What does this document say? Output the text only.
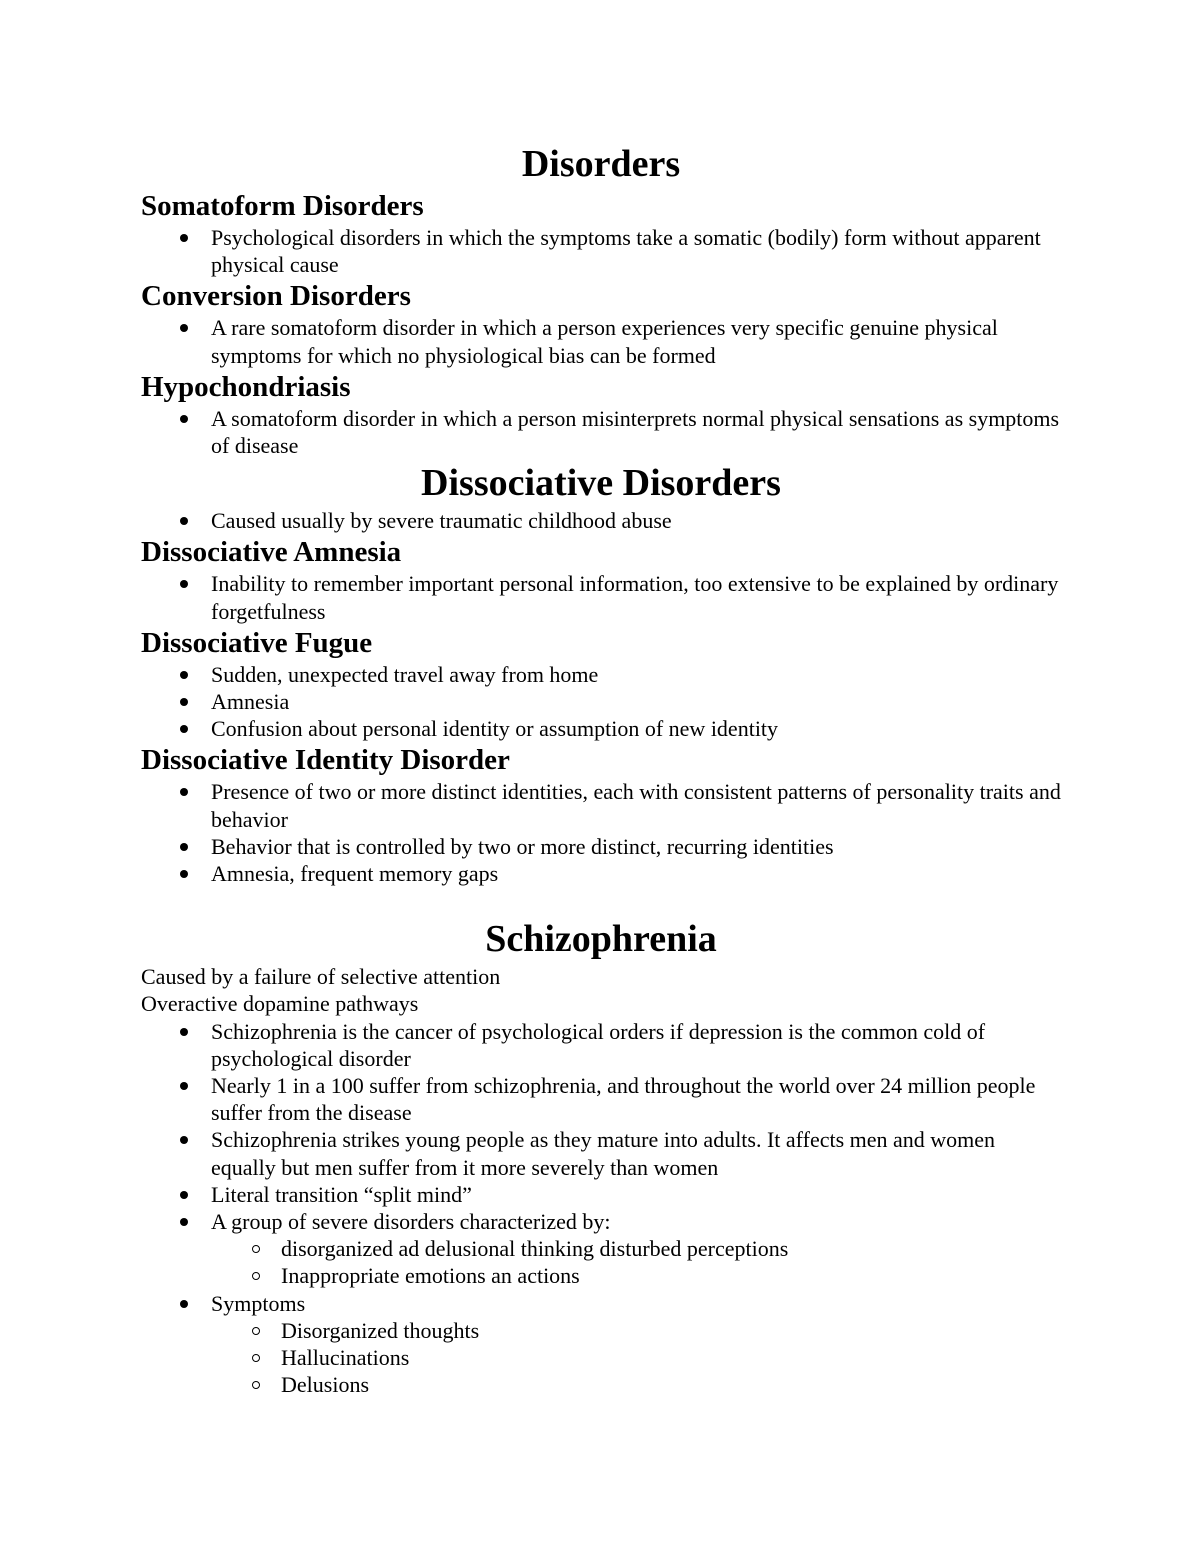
Disorders
Somatoform Disorders
Psychological disorders in which the symptoms take a somatic (bodily) form without apparent physical cause
Conversion Disorders
A rare somatoform disorder in which a person experiences very specific genuine physical symptoms for which no physiological bias can be formed
Hypochondriasis
A somatoform disorder in which a person misinterprets normal physical sensations as symptoms of disease
Dissociative Disorders
Caused usually by severe traumatic childhood abuse
Dissociative Amnesia
Inability to remember important personal information, too extensive to be explained by ordinary forgetfulness
Dissociative Fugue
Sudden, unexpected travel away from home
Amnesia
Confusion about personal identity or assumption of new identity
Dissociative Identity Disorder
Presence of two or more distinct identities, each with consistent patterns of personality traits and behavior
Behavior that is controlled by two or more distinct, recurring identities
Amnesia, frequent memory gaps
Schizophrenia

Caused by a failure of selective attention

Overactive dopamine pathways

Schizophrenia is the cancer of psychological orders if depression is the common cold of psychological disorder
Nearly 1 in a 100 suffer from schizophrenia, and throughout the world over 24 million people suffer from the disease
Schizophrenia strikes young people as they mature into adults. It affects men and women equally but men suffer from it more severely than women
Literal transition “split mind”
A group of severe disorders characterized by:
disorganized ad delusional thinking disturbed perceptions
Inappropriate emotions an actions
Symptoms
Disorganized thoughts
Hallucinations
Delusions
